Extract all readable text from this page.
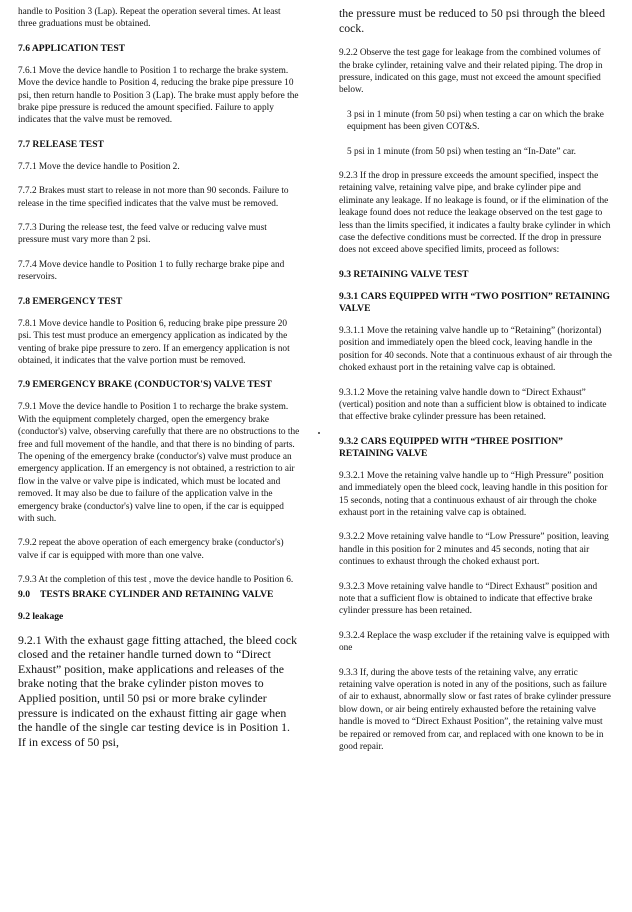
handle to Position 3 (Lap). Repeat the operation several times. At least three graduations must be obtained.
7.6 APPLICATION TEST
7.6.1 Move the device handle to Position 1 to recharge the brake system. Move the device handle to Position 4, reducing the brake pipe pressure 10 psi, then return handle to Position 3 (Lap). The brake must apply before the brake pipe pressure is reduced the amount specified. Failure to apply indicates that the valve must be removed.
7.7 RELEASE TEST
7.7.1 Move the device handle to Position 2.
7.7.2 Brakes must start to release in not more than 90 seconds. Failure to release in the time specified indicates that the valve must be removed.
7.7.3 During the release test, the feed valve or reducing valve must pressure must vary more than 2 psi.
7.7.4 Move device handle to Position 1 to fully recharge brake pipe and reservoirs.
7.8 EMERGENCY TEST
7.8.1 Move device handle to Position 6, reducing brake pipe pressure 20 psi. This test must produce an emergency application as indicated by the venting of brake pipe pressure to zero. If an emergency application is not obtained, it indicates that the valve portion must be removed.
7.9 EMERGENCY BRAKE (CONDUCTOR'S) VALVE TEST
7.9.1 Move the device handle to Position 1 to recharge the brake system. With the equipment completely charged, open the emergency brake (conductor's) valve, observing carefully that there are no obstructions to the free and full movement of the handle, and that there is no binding of parts. The opening of the emergency brake (conductor's) valve must produce an emergency application. If an emergency is not obtained, a restriction to air flow in the valve or valve pipe is indicated, which must be located and removed. It may also be due to failure of the application valve in the emergency brake (conductor's) valve line to open, if the car is equipped with such.
7.9.2 repeat the above operation of each emergency brake (conductor's) valve if car is equipped with more than one valve.
7.9.3 At the completion of this test , move the device handle to Position 6.
9.0	TESTS BRAKE CYLINDER AND RETAINING VALVE
9.2 leakage
9.2.1 With the exhaust gage fitting attached, the bleed cock closed and the retainer handle turned down to “Direct Exhaust” position, make applications and releases of the brake noting that the brake cylinder piston moves to Applied position, until 50 psi or more brake cylinder pressure is indicated on the exhaust fitting air gage when the handle of the single car testing device is in Position 1. If in excess of 50 psi,
the pressure must be reduced to 50 psi through the bleed cock.
9.2.2 Observe the test gage for leakage from the combined volumes of the brake cylinder, retaining valve and their related piping. The drop in pressure, indicated on this gage, must not exceed the amount specified below.
3 psi in 1 minute (from 50 psi) when testing a car on which the brake equipment has been given COT&S.
5 psi in 1 minute (from 50 psi) when testing an “In-Date” car.
9.2.3 If the drop in pressure exceeds the amount specified, inspect the retaining valve, retaining valve pipe, and brake cylinder pipe and eliminate any leakage. If no leakage is found, or if the elimination of the leakage found does not reduce the leakage observed on the test gage to less than the limits specified, it indicates a faulty brake cylinder in which case the defective conditions must be corrected. If the drop in pressure does not exceed above specified limits, proceed as follows:
9.3 RETAINING VALVE TEST
9.3.1 CARS EQUIPPED WITH “TWO POSITION” RETAINING VALVE
9.3.1.1 Move the retaining valve handle up to “Retaining” (horizontal) position and immediately open the bleed cock, leaving handle in the position for 40 seconds. Note that a continuous exhaust of air through the choked exhaust port in the retaining valve cap is obtained.
9.3.1.2 Move the retaining valve handle down to “Direct Exhaust” (vertical) position and note than a sufficient blow is obtained to indicate that effective brake cylinder pressure has been retained.
9.3.2 CARS EQUIPPED WITH “THREE POSITION” RETAINING VALVE
9.3.2.1 Move the retaining valve handle up to “High Pressure” position and immediately open the bleed cock, leaving handle in this position for 15 seconds, noting that a continuous exhaust of air through the choke exhaust port in the retaining valve cap is obtained.
9.3.2.2 Move retaining valve handle to “Low Pressure” position, leaving handle in this position for 2 minutes and 45 seconds, noting that air continues to exhaust through the choked exhaust port.
9.3.2.3 Move retaining valve handle to “Direct Exhaust” position and note that a sufficient flow is obtained to indicate that effective brake cylinder pressure has been retained.
9.3.2.4 Replace the wasp excluder if the retaining valve is equipped with one
9.3.3 If, during the above tests of the retaining valve, any erratic retaining valve operation is noted in any of the positions, such as failure of air to exhaust, abnormally slow or fast rates of brake cylinder pressure blow down, or air being entirely exhausted before the retaining valve handle is moved to “Direct Exhaust Position”, the retaining valve must be repaired or removed from car, and replaced with one known to be in good repair.
